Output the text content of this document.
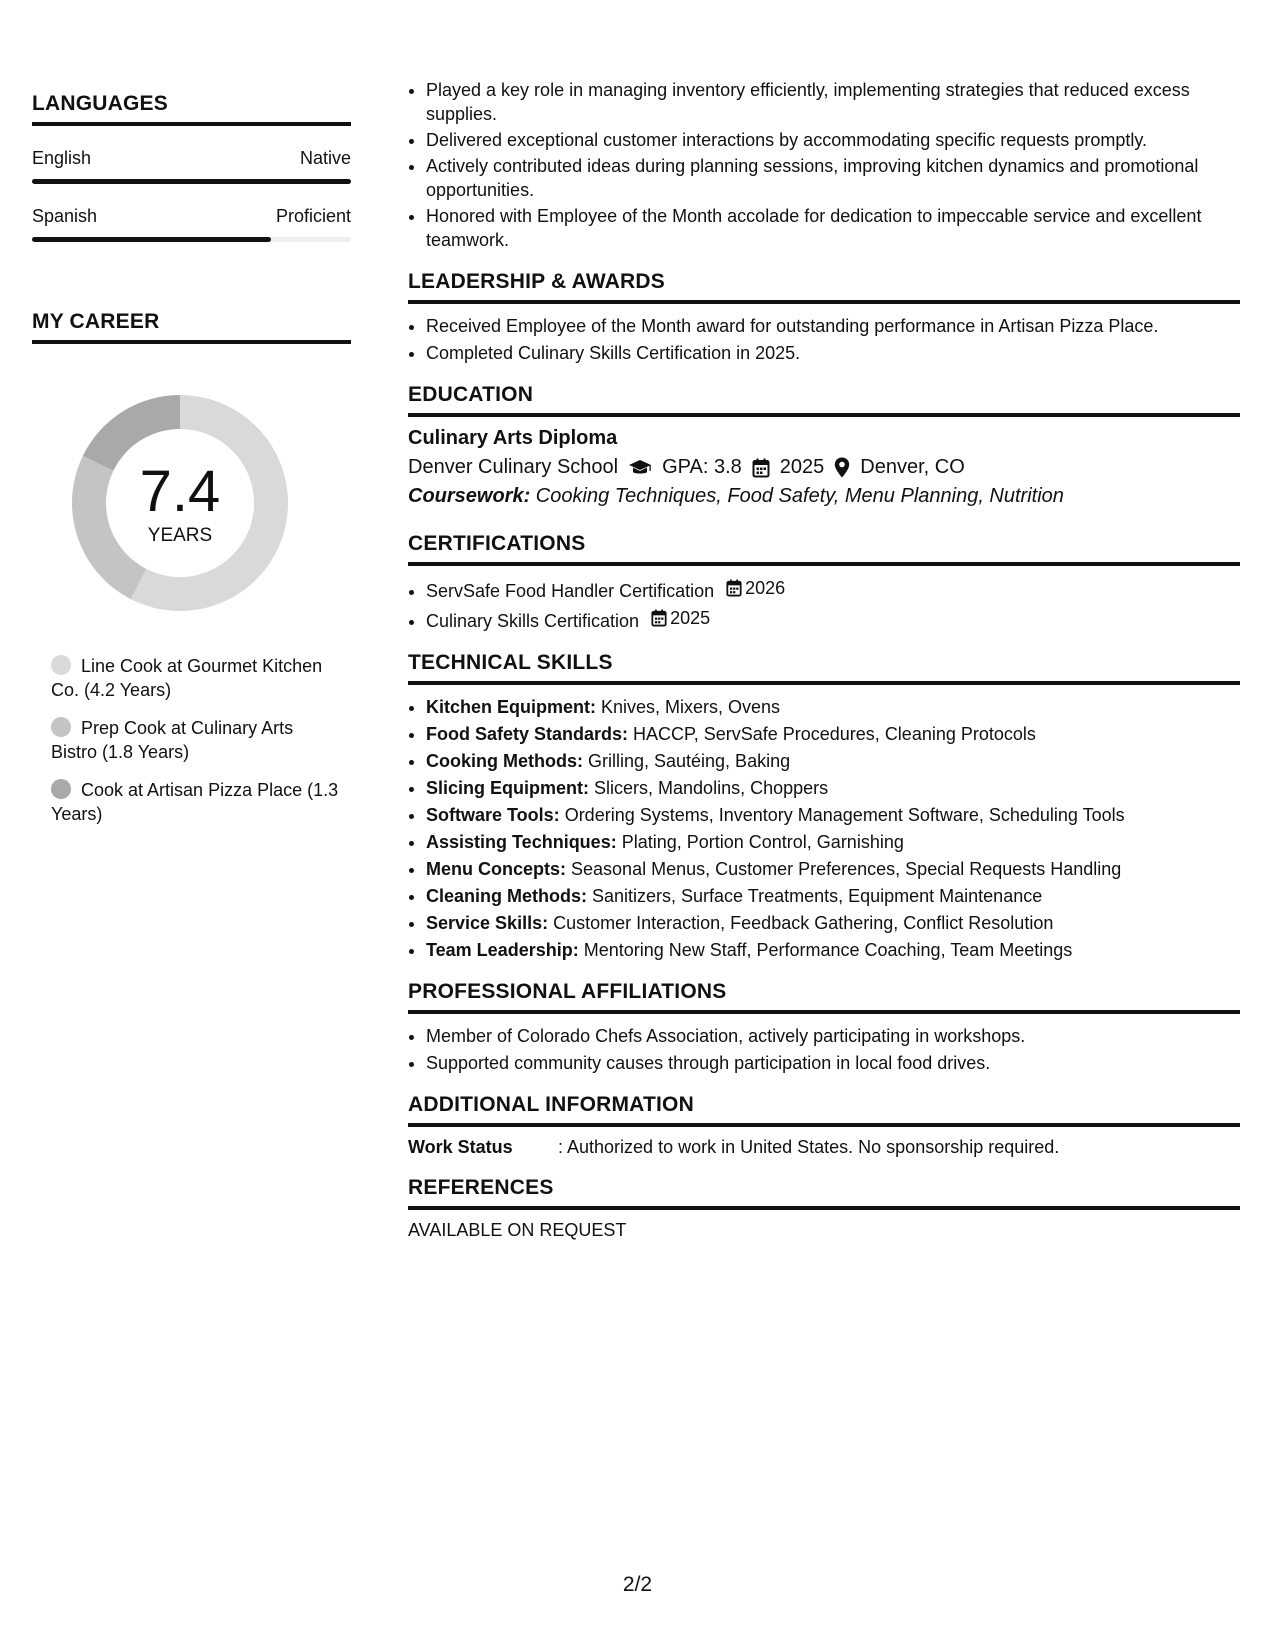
LANGUAGES
English	Native
Spanish	Proficient
MY CAREER
7.4
YEARS
Line Cook at Gourmet Kitchen Co. (4.2 Years)
Prep Cook at Culinary Arts Bistro (1.8 Years)
Cook at Artisan Pizza Place (1.3 Years)
• Played a key role in managing inventory efficiently, implementing strategies that reduced excess supplies.
• Delivered exceptional customer interactions by accommodating specific requests promptly.
• Actively contributed ideas during planning sessions, improving kitchen dynamics and promotional opportunities.
• Honored with Employee of the Month accolade for dedication to impeccable service and excellent teamwork.
LEADERSHIP & AWARDS
• Received Employee of the Month award for outstanding performance in Artisan Pizza Place.
• Completed Culinary Skills Certification in 2025.
EDUCATION
Culinary Arts Diploma
Denver Culinary School GPA: 3.8 2025 Denver, CO
Coursework: Cooking Techniques, Food Safety, Menu Planning, Nutrition
CERTIFICATIONS
• ServSafe Food Handler Certification 2026
• Culinary Skills Certification 2025
TECHNICAL SKILLS
• Kitchen Equipment: Knives, Mixers, Ovens
• Food Safety Standards: HACCP, ServSafe Procedures, Cleaning Protocols
• Cooking Methods: Grilling, Sautéing, Baking
• Slicing Equipment: Slicers, Mandolins, Choppers
• Software Tools: Ordering Systems, Inventory Management Software, Scheduling Tools
• Assisting Techniques: Plating, Portion Control, Garnishing
• Menu Concepts: Seasonal Menus, Customer Preferences, Special Requests Handling
• Cleaning Methods: Sanitizers, Surface Treatments, Equipment Maintenance
• Service Skills: Customer Interaction, Feedback Gathering, Conflict Resolution
• Team Leadership: Mentoring New Staff, Performance Coaching, Team Meetings
PROFESSIONAL AFFILIATIONS
• Member of Colorado Chefs Association, actively participating in workshops.
• Supported community causes through participation in local food drives.
ADDITIONAL INFORMATION
Work Status	: Authorized to work in United States. No sponsorship required.
REFERENCES
AVAILABLE ON REQUEST
2/2
